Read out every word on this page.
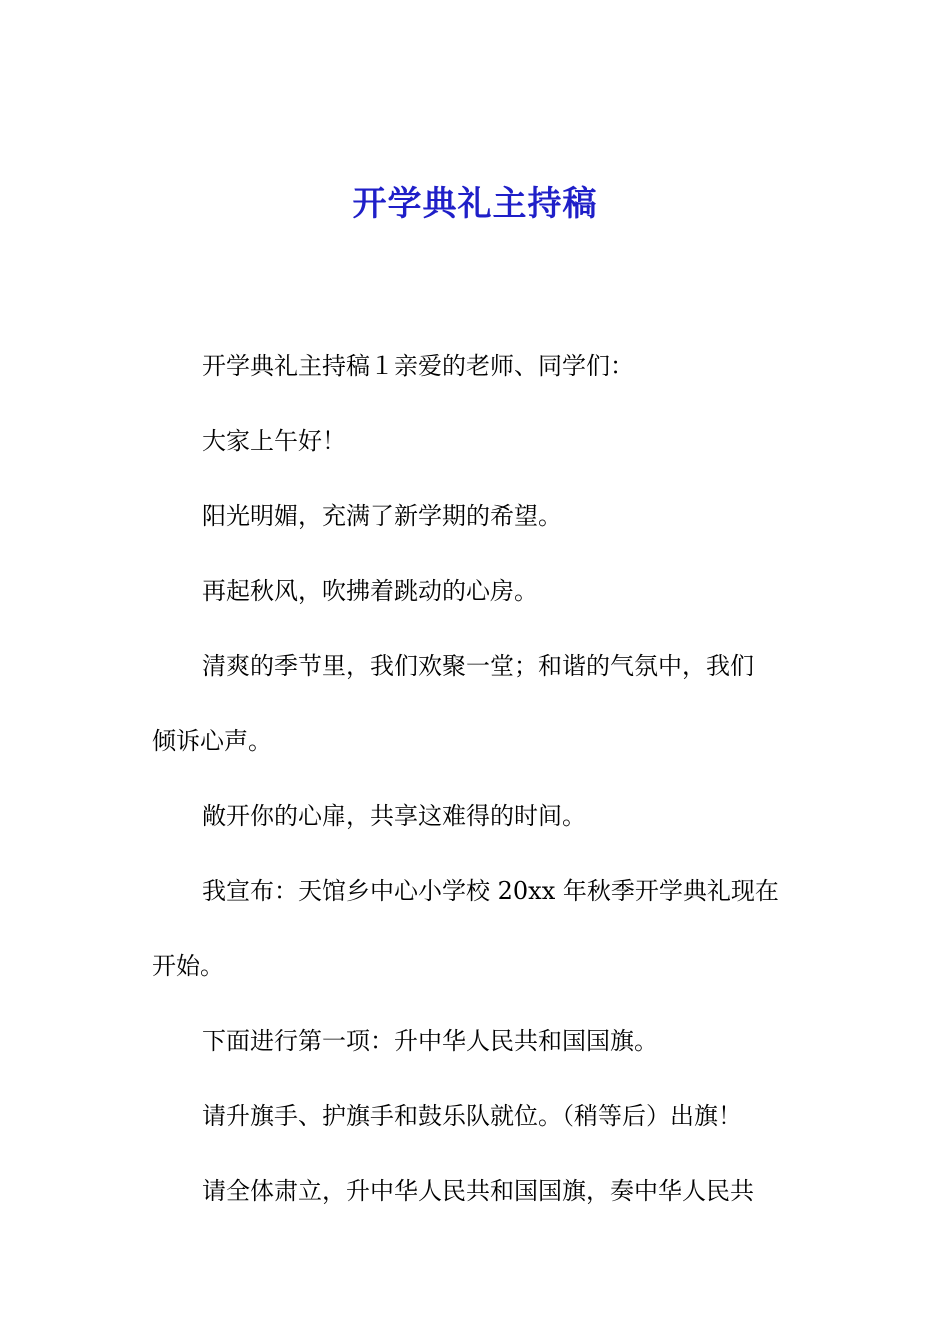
开学典礼主持稿

开学典礼主持稿１亲爱的老师、同学们：

大家上午好！

阳光明媚，充满了新学期的希望。

再起秋风，吹拂着跳动的心房。

清爽的季节里，我们欢聚一堂；和谐的气氛中，我们
倾诉心声。

敞开你的心扉，共享这难得的时间。

我宣布：天馆乡中心小学校 20xx 年秋季开学典礼现在
开始。

下面进行第一项：升中华人民共和国国旗。

请升旗手、护旗手和鼓乐队就位。（稍等后）出旗！

请全体肃立，升中华人民共和国国旗，奏中华人民共
